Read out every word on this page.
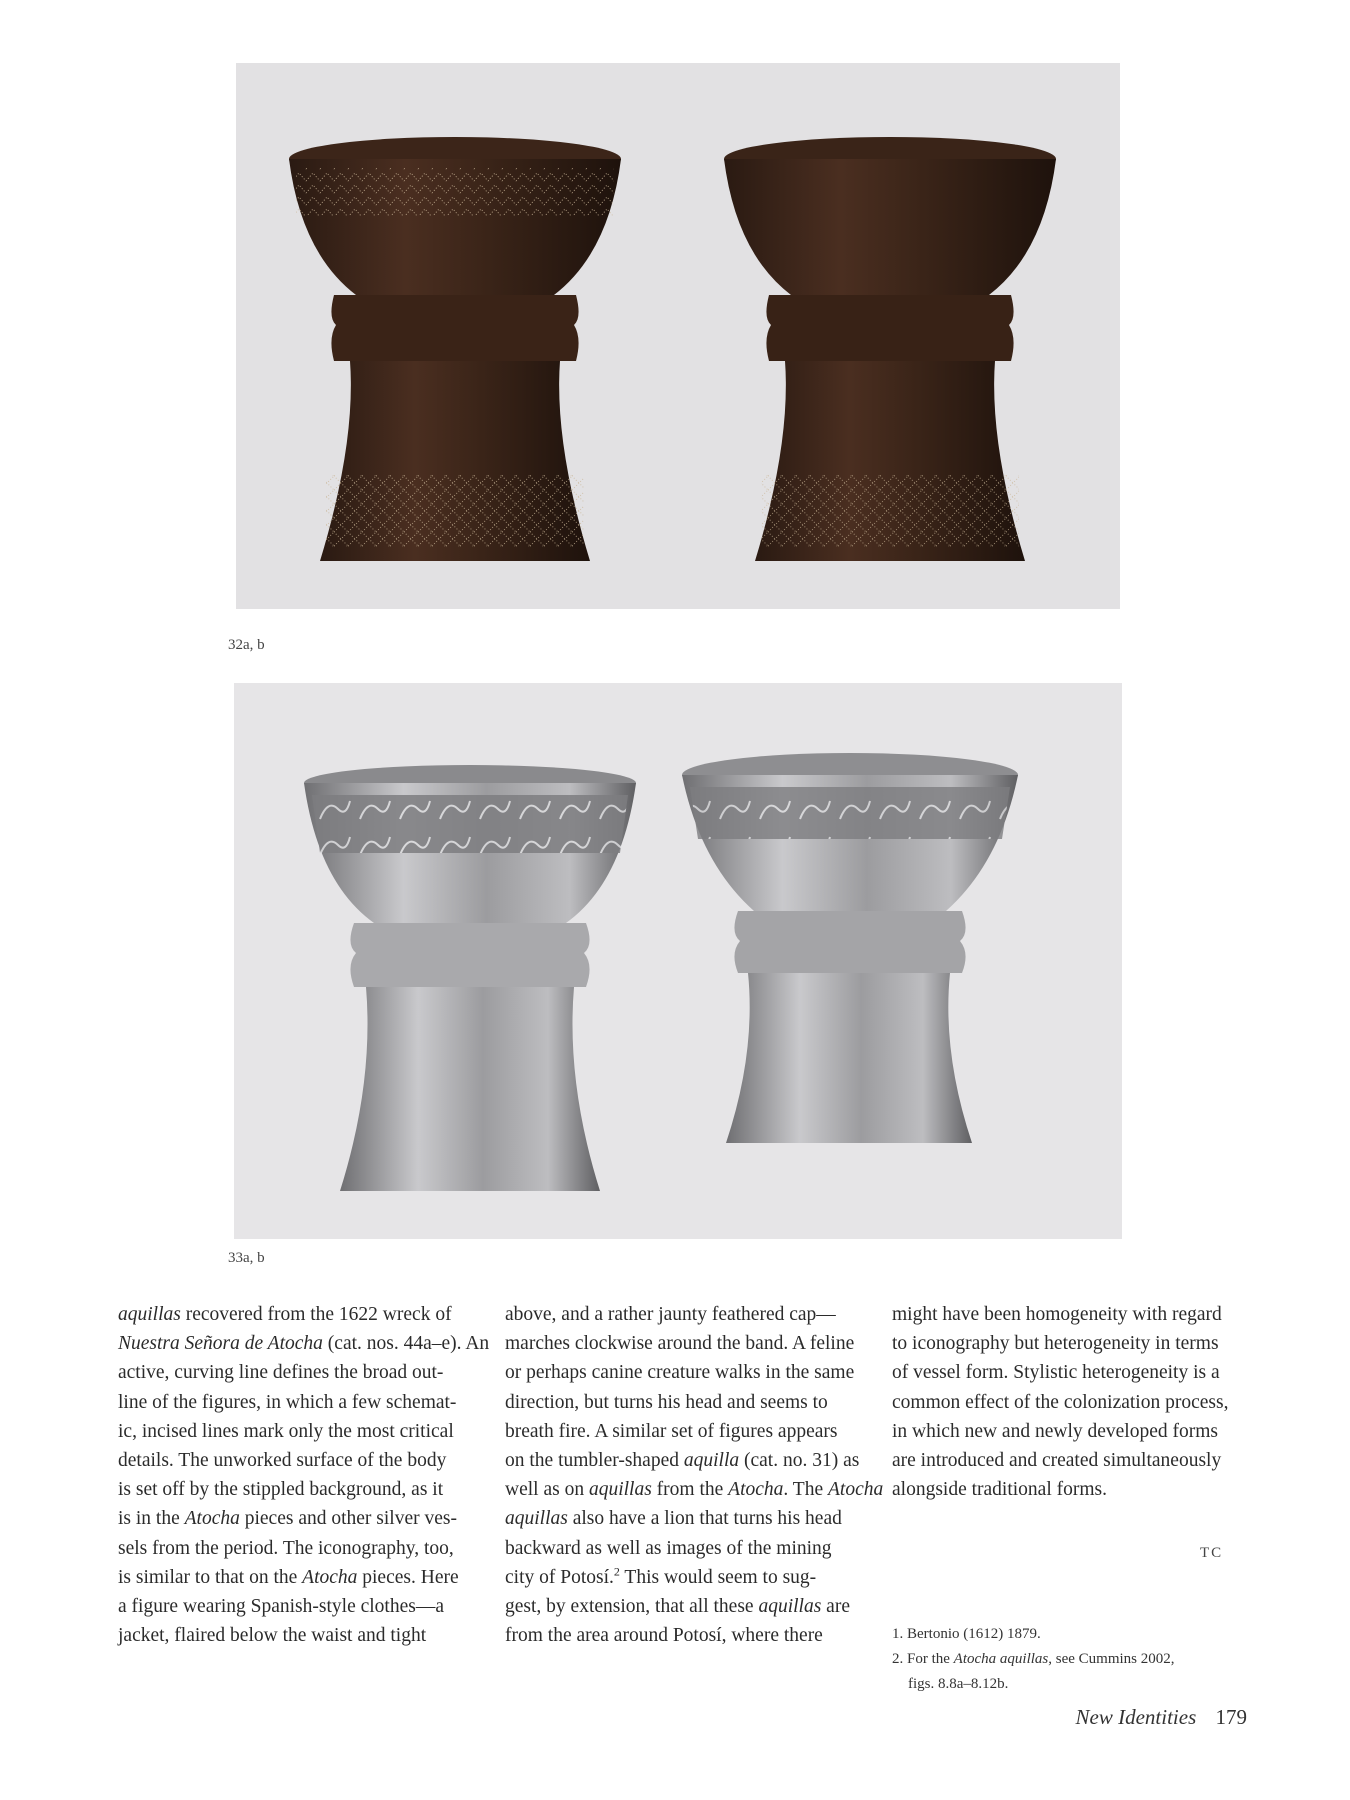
32a, b
33a, b
aquillas recovered from the 1622 wreck of
Nuestra Señora de Atocha (cat. nos. 44a–e). An
active, curving line defines the broad out-
line of the figures, in which a few schemat-
ic, incised lines mark only the most critical
details. The unworked surface of the body
is set off by the stippled background, as it
is in the Atocha pieces and other silver ves-
sels from the period. The iconography, too,
is similar to that on the Atocha pieces. Here
a figure wearing Spanish-style clothes—a
jacket, flaired below the waist and tight
above, and a rather jaunty feathered cap—
marches clockwise around the band. A feline
or perhaps canine creature walks in the same
direction, but turns his head and seems to
breath fire. A similar set of figures appears
on the tumbler-shaped aquilla (cat. no. 31) as
well as on aquillas from the Atocha. The Atocha
aquillas also have a lion that turns his head
backward as well as images of the mining
city of Potosí.$^2$ This would seem to sug-
gest, by extension, that all these aquillas are
from the area around Potosí, where there
might have been homogeneity with regard
to iconography but heterogeneity in terms
of vessel form. Stylistic heterogeneity is a
common effect of the colonization process,
in which new and newly developed forms
are introduced and created simultaneously
alongside traditional forms.
TC
1. Bertonio (1612) 1879.
2. For the Atocha aquillas, see Cummins 2002,
figs. 8.8a–8.12b.
New Identities 179
